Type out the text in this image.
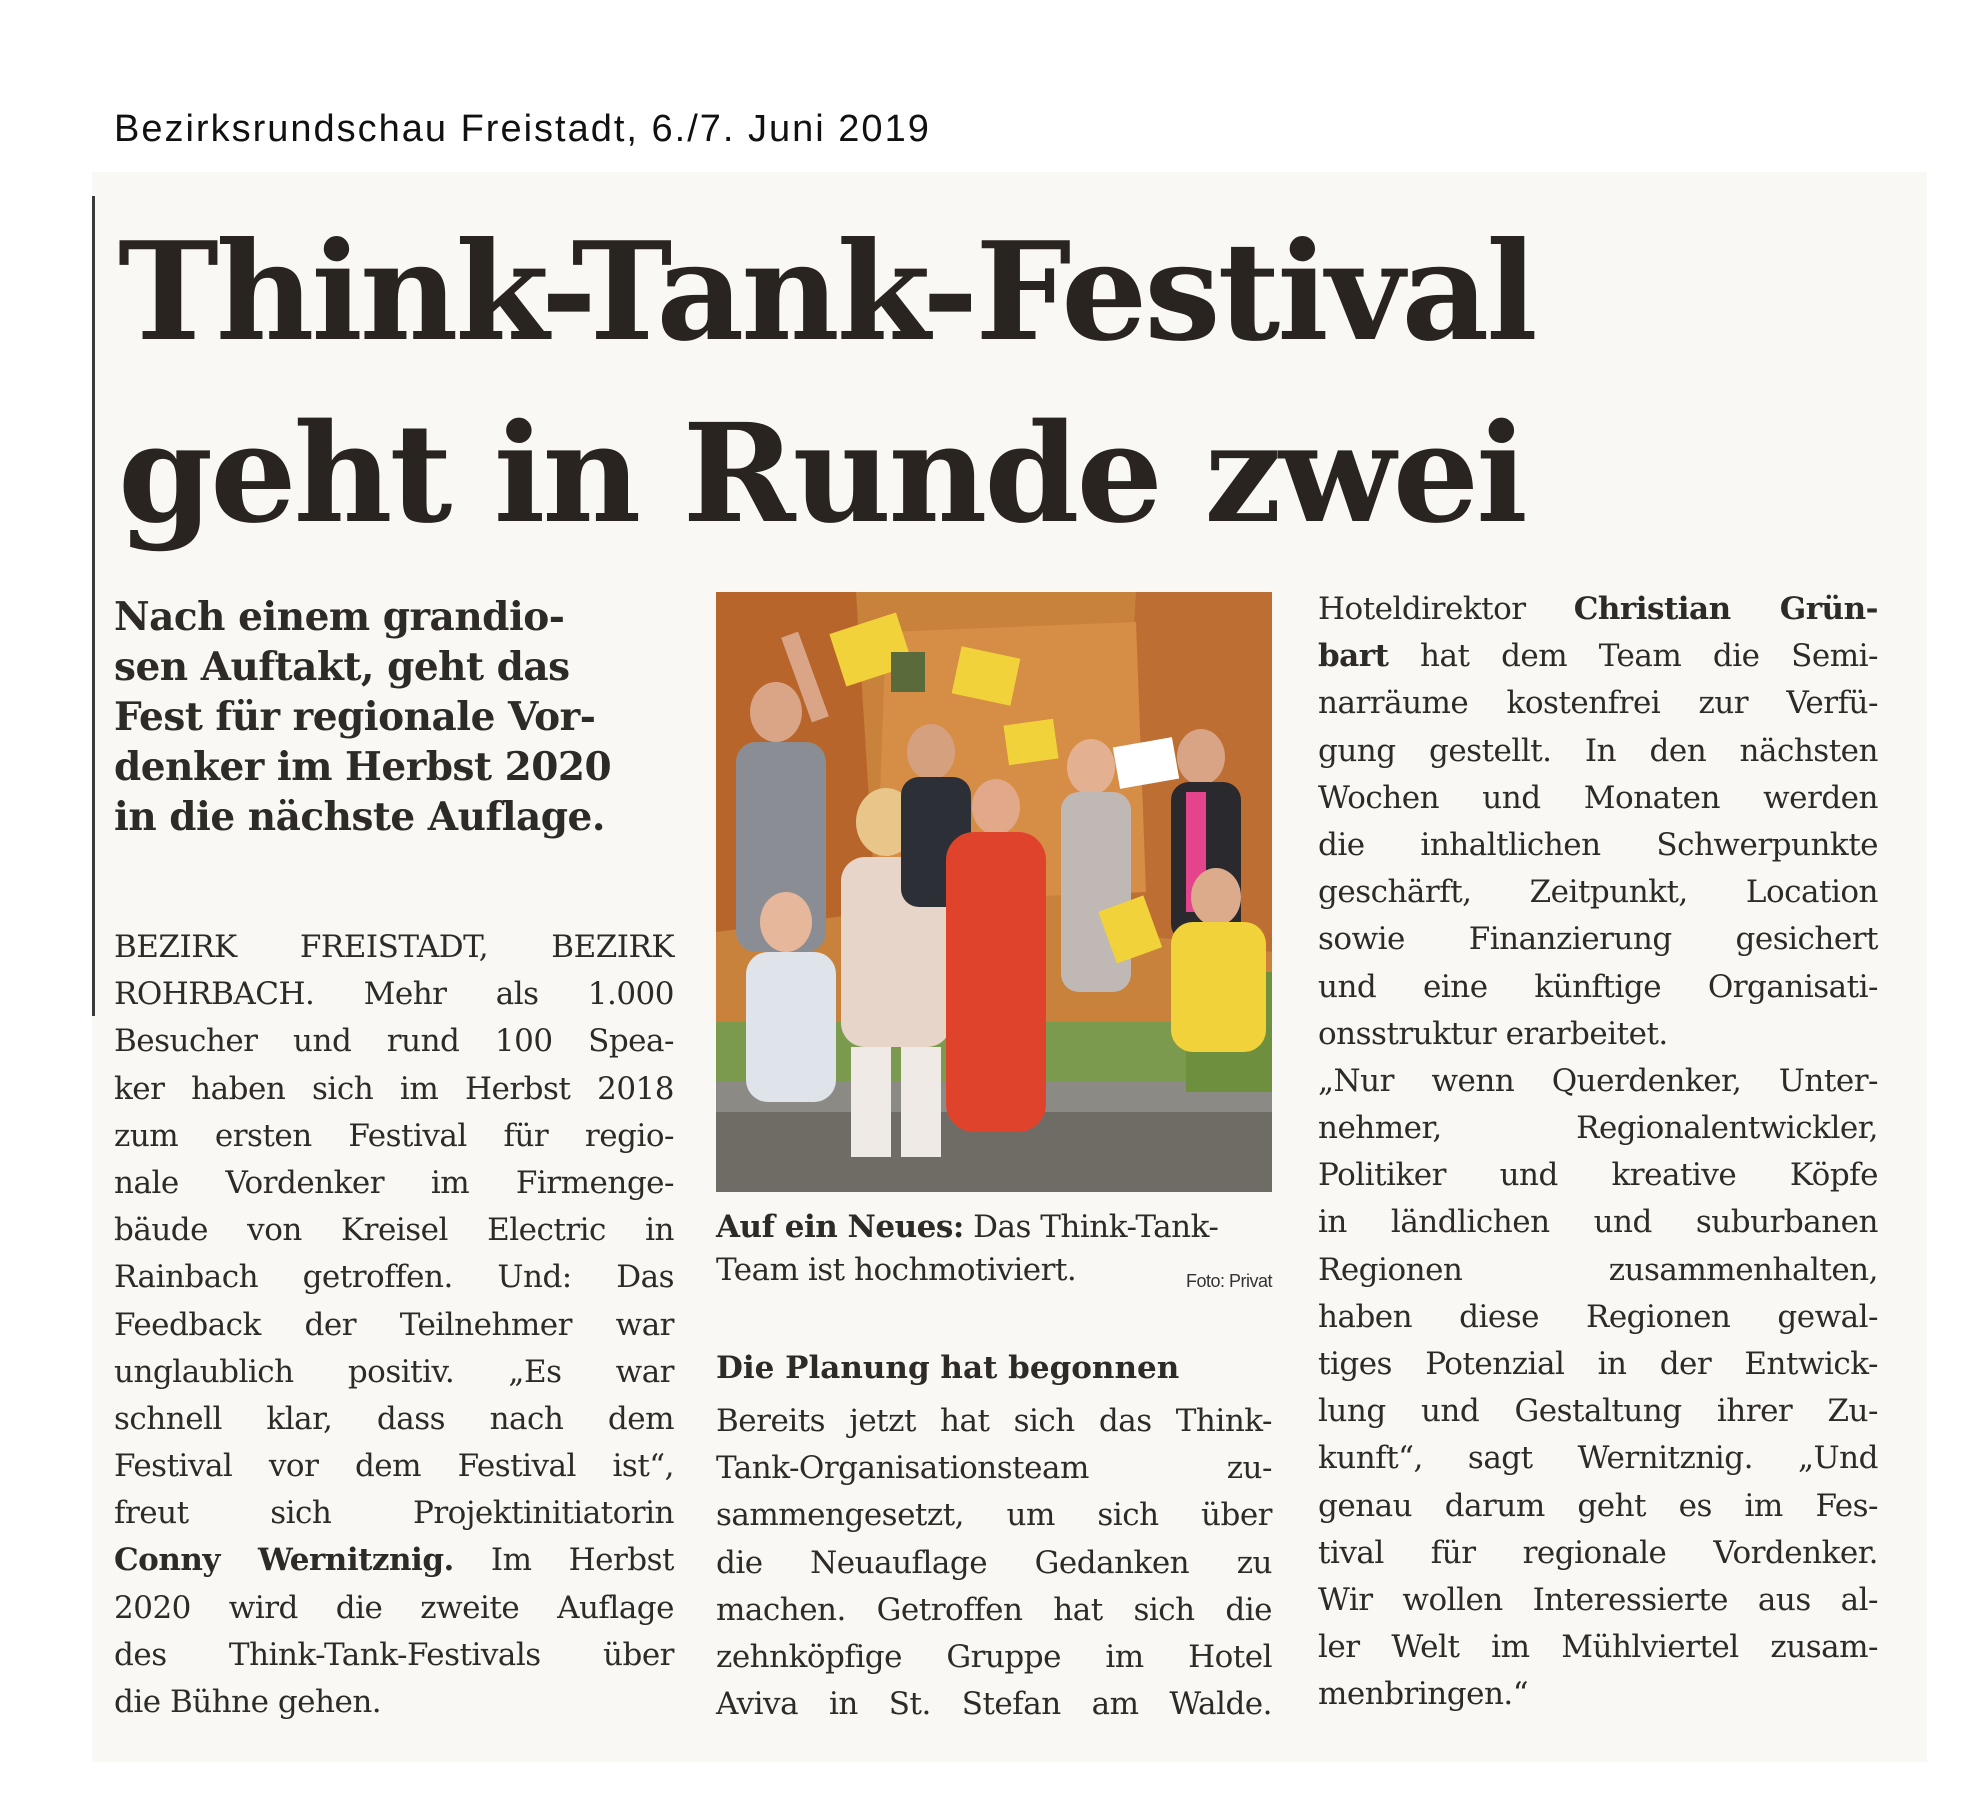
Bezirksrundschau Freistadt, 6./7. Juni 2019
Think-Tank-Festival
geht in Runde zwei

Nach einem grandio-
sen Auftakt, geht das
Fest für regionale Vor-
denker im Herbst 2020
in die nächste Auflage.

BEZIRK FREISTADT, BEZIRK
ROHRBACH. Mehr als 1.000
Besucher und rund 100 Spea-
ker haben sich im Herbst 2018
zum ersten Festival für regio-
nale Vordenker im Firmenge-
bäude von Kreisel Electric in
Rainbach getroffen. Und: Das
Feedback der Teilnehmer war
unglaublich positiv. „Es war
schnell klar, dass nach dem
Festival vor dem Festival ist“,
freut sich Projektinitiatorin
Conny Wernitznig. Im Herbst
2020 wird die zweite Auflage
des Think-Tank-Festivals über
die Bühne gehen.
Auf ein Neues: Das Think-Tank-
Team ist hochmotiviert.	Foto: Privat
Die Planung hat begonnen
Bereits jetzt hat sich das Think-
Tank-Organisationsteam zu-
sammengesetzt, um sich über
die Neuauflage Gedanken zu
machen. Getroffen hat sich die
zehnköpfige Gruppe im Hotel
Aviva in St. Stefan am Walde.
Hoteldirektor Christian Grün-
bart hat dem Team die Semi-
narräume kostenfrei zur Verfü-
gung gestellt. In den nächsten
Wochen und Monaten werden
die inhaltlichen Schwerpunkte
geschärft, Zeitpunkt, Location
sowie Finanzierung gesichert
und eine künftige Organisati-
onsstruktur erarbeitet.
„Nur wenn Querdenker, Unter-
nehmer, Regionalentwickler,
Politiker und kreative Köpfe
in ländlichen und suburbanen
Regionen zusammenhalten,
haben diese Regionen gewal-
tiges Potenzial in der Entwick-
lung und Gestaltung ihrer Zu-
kunft“, sagt Wernitznig. „Und
genau darum geht es im Fes-
tival für regionale Vordenker.
Wir wollen Interessierte aus al-
ler Welt im Mühlviertel zusam-
menbringen.“
